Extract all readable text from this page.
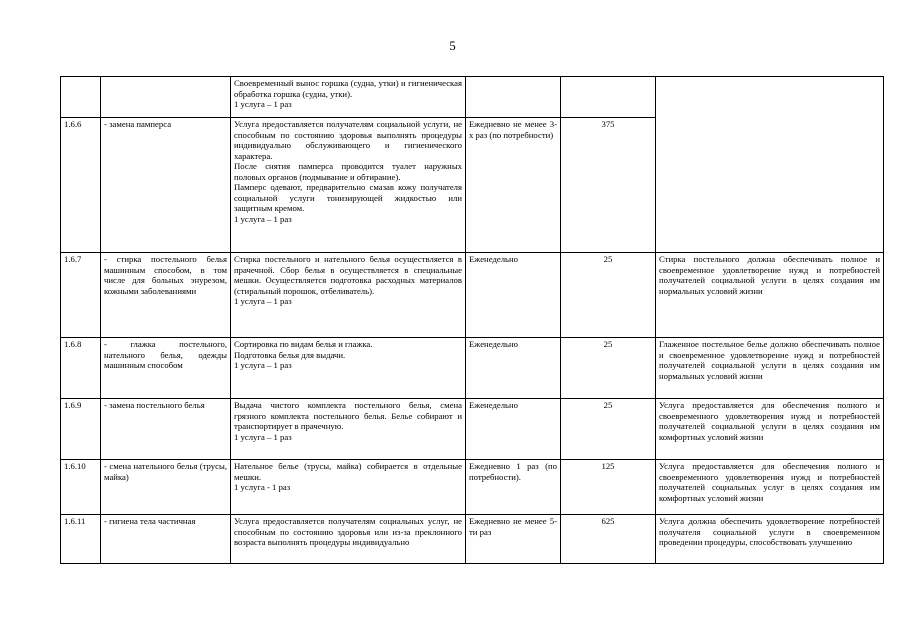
5

		Своевременный вынос горшка (судна, утки) и гигиеническая обработка горшка (судна, утки).
1 услуга – 1 раз			

1.6.6	- замена памперса	Услуга предоставляется получателям социальной услуги, не способным по состоянию здоровья выполнять процедуры индивидуально обслуживающего и гигиенического характера.
После снятия памперса проводится туалет наружных половых органов (подмывание и обтирание).
Памперс одевают, предварительно смазав кожу получателя социальной услуги тонизирующей жидкостью или защитным кремом.
1 услуга – 1 раз	Ежедневно не менее 3-х раз (по потребности)	375	
1.6.7	- стирка постельного белья машинным способом, в том числе для больных энурезом, кожными заболеваниями	Стирка постельного и нательного белья осуществляется в прачечной. Сбор белья в осуществляется в специальные мешки. Осуществляется подготовка расходных материалов (стиральный порошок, отбеливатель).
1 услуга – 1 раз	Еженедельно	25	Стирка постельного должна обеспечивать полное и своевременное удовлетворение нужд и потребностей получателей социальной услуги в целях создания им нормальных условий жизни
1.6.8	- глажка постельного, нательного белья, одежды машинным способом	Сортировка по видам белья и глажка.
Подготовка белья для выдачи.
1 услуга – 1 раз	Еженедельно	25	Глаженное постельное белье должно обеспечивать полное и своевременное удовлетворение нужд и потребностей получателей социальной услуги в целях создания им нормальных условий жизни
1.6.9	- замена постельного белья	Выдача чистого комплекта постельного белья, смена грязного комплекта постельного белья. Белье собирают и транспортирует в прачечную.
1 услуга – 1 раз	Еженедельно	25	Услуга предоставляется для обеспечения полного и своевременного удовлетворения нужд и потребностей получателей социальной услуги в целях создания им комфортных условий жизни
1.6.10	- смена нательного белья (трусы, майка)	Нательное белье (трусы, майка) собирается в отдельные мешки.
1 услуга - 1 раз	Ежедневно 1 раз (по потребности).	125	Услуга предоставляется для обеспечения полного и своевременного удовлетворения нужд и потребностей получателей социальных услуг в целях создания им комфортных условий жизни
1.6.11	- гигиена тела частичная	Услуга предоставляется получателям социальных услуг, не способным по состоянию здоровья или из-за преклонного возраста выполнять процедуры индивидуально	Ежедневно не менее 5-ти раз	625	Услуга должна обеспечить удовлетворение потребностей получателя социальной услуги в своевременном проведении процедуры, способствовать улучшению
